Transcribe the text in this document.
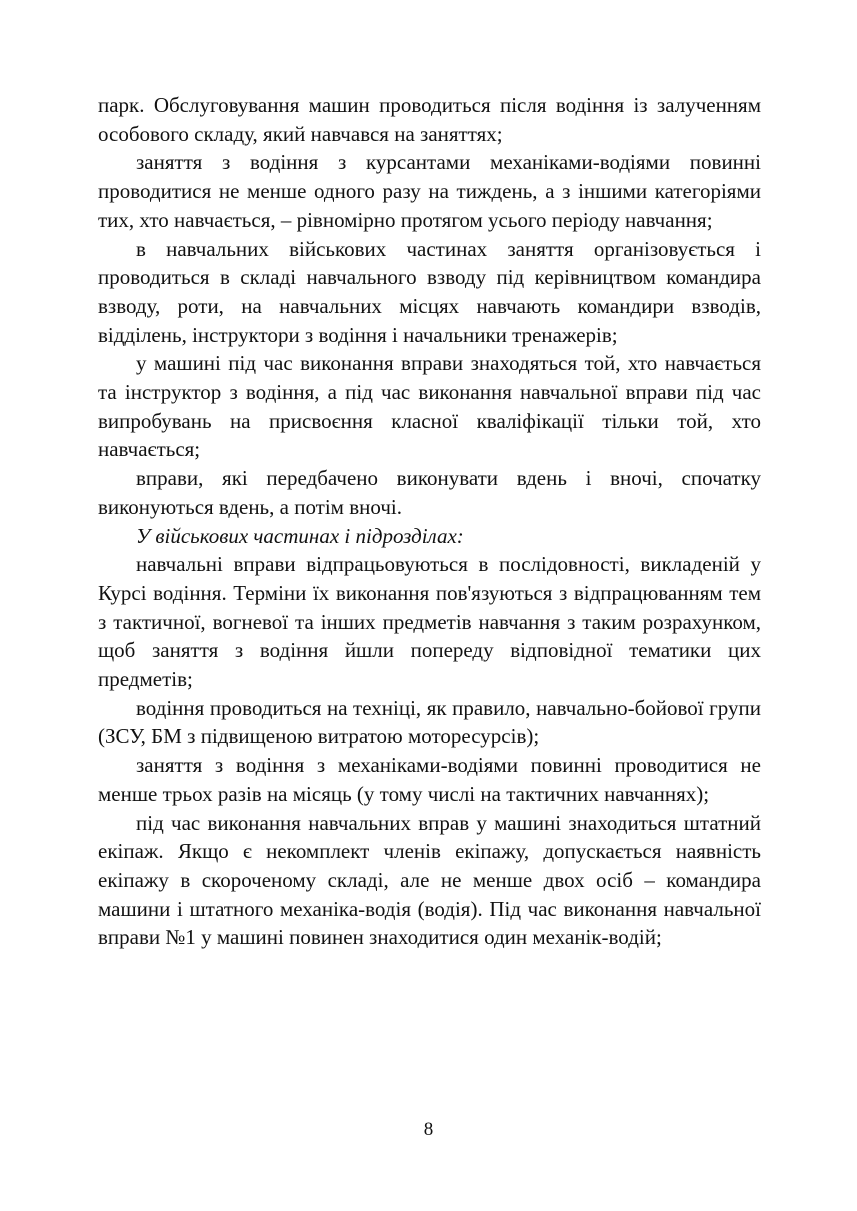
парк. Обслуговування машин проводиться після водіння із залученням особового складу, який навчався на заняттях;

заняття з водіння з курсантами механіками-водіями повинні проводитися не менше одного разу на тиждень, а з іншими категоріями тих, хто навчається, – рівномірно протягом усього періоду навчання;

в навчальних військових частинах заняття організовується і проводиться в складі навчального взводу під керівництвом командира взводу, роти, на навчальних місцях навчають командири взводів, відділень, інструктори з водіння і начальники тренажерів;

у машині під час виконання вправи знаходяться той, хто навчається та інструктор з водіння, а під час виконання навчальної вправи під час випробувань на присвоєння класної кваліфікації тільки той, хто навчається;

вправи, які передбачено виконувати вдень і вночі, спочатку виконуються вдень, а потім вночі.

У військових частинах і підрозділах:

навчальні вправи відпрацьовуються в послідовності, викладеній у Курсі водіння. Терміни їх виконання пов'язуються з відпрацюванням тем з тактичної, вогневої та інших предметів навчання з таким розрахунком, щоб заняття з водіння йшли попереду відповідної тематики цих предметів;

водіння проводиться на техніці, як правило, навчально-бойової групи (ЗСУ, БМ з підвищеною витратою моторесурсів);

заняття з водіння з механіками-водіями повинні проводитися не менше трьох разів на місяць (у тому числі на тактичних навчаннях);

під час виконання навчальних вправ у машині знаходиться штатний екіпаж. Якщо є некомплект членів екіпажу, допускається наявність екіпажу в скороченому складі, але не менше двох осіб – командира машини і штатного механіка-водія (водія). Під час виконання навчальної вправи №1 у машині повинен знаходитися один механік-водій;

8
